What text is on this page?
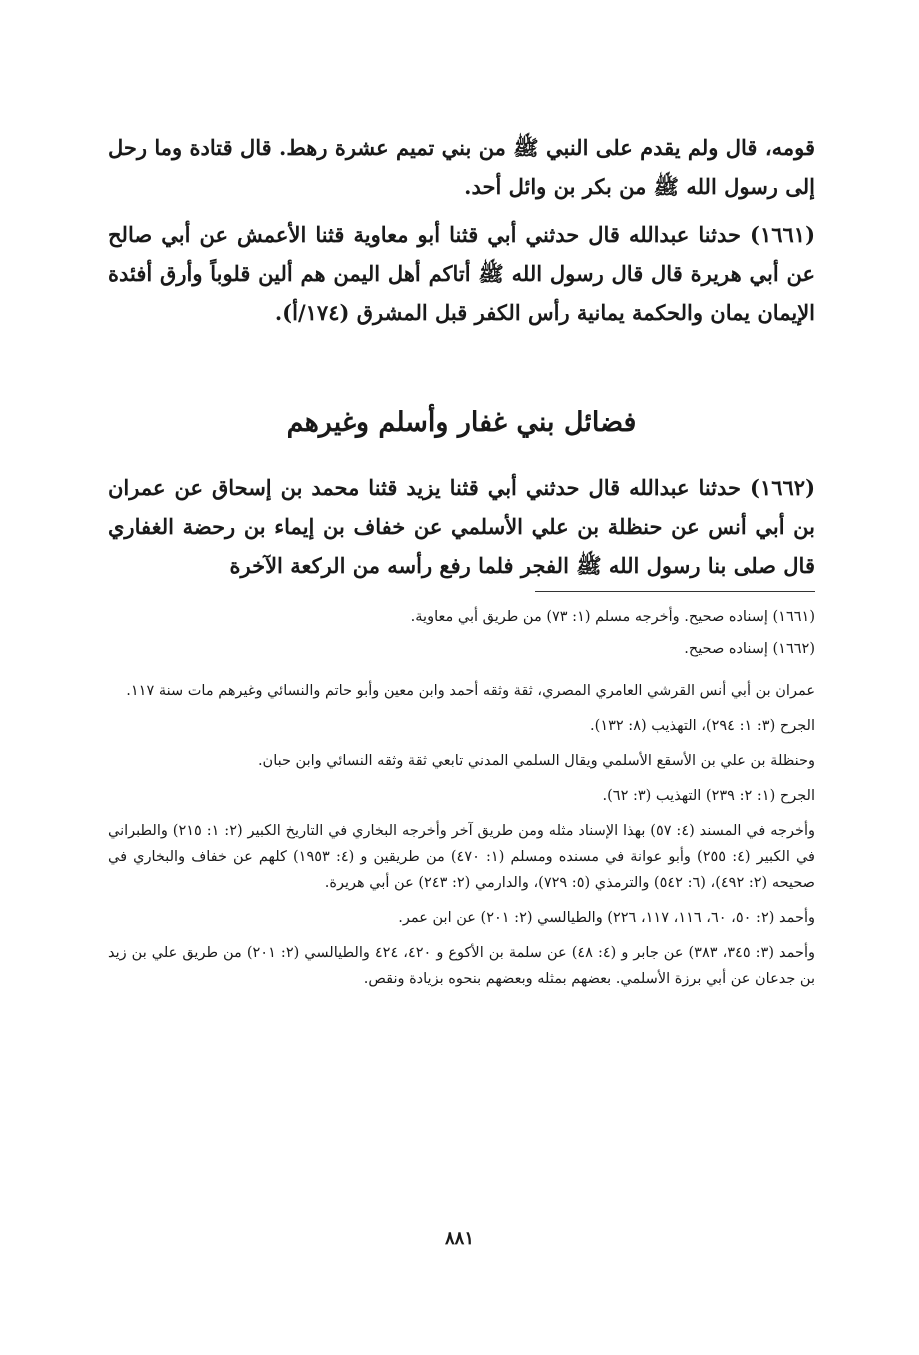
قومه، قال ولم يقدم على النبي ﷺ من بني تميم عشرة رهط. قال قتادة وما رحل إلى رسول الله ﷺ من بكر بن وائل أحد.

(١٦٦١) حدثنا عبدالله قال حدثني أبي قثنا أبو معاوية قثنا الأعمش عن أبي صالح عن أبي هريرة قال قال رسول الله ﷺ أتاكم أهل اليمن هم ألين قلوباً وأرق أفئدة الإيمان يمان والحكمة يمانية رأس الكفر قبل المشرق (١٧٤/أ).

فضائل بني غفار وأسلم وغيرهم

(١٦٦٢) حدثنا عبدالله قال حدثني أبي قثنا يزيد قثنا محمد بن إسحاق عن عمران بن أبي أنس عن حنظلة بن علي الأسلمي عن خفاف بن إيماء بن رحضة الغفاري قال صلى بنا رسول الله ﷺ الفجر فلما رفع رأسه من الركعة الآخرة

(١٦٦١) إسناده صحيح. وأخرجه مسلم (١: ٧٣) من طريق أبي معاوية.

(١٦٦٢) إسناده صحيح.

عمران بن أبي أنس القرشي العامري المصري، ثقة وثقه أحمد وابن معين وأبو حاتم والنسائي وغيرهم مات سنة ١١٧.

الجرح (٣: ١: ٢٩٤)، التهذيب (٨: ١٣٢).

وحنظلة بن علي بن الأسقع الأسلمي ويقال السلمي المدني تابعي ثقة وثقه النسائي وابن حبان.

الجرح (١: ٢: ٢٣٩) التهذيب (٣: ٦٢).

وأخرجه في المسند (٤: ٥٧) بهذا الإسناد مثله ومن طريق آخر وأخرجه البخاري في التاريخ الكبير (٢: ١: ٢١٥) والطبراني في الكبير (٤: ٢٥٥) وأبو عوانة في مسنده ومسلم (١: ٤٧٠) من طريقين و (٤: ١٩٥٣) كلهم عن خفاف والبخاري في صحيحه (٢: ٤٩٢)، (٦: ٥٤٢) والترمذي (٥: ٧٢٩)، والدارمي (٢: ٢٤٣) عن أبي هريرة.

وأحمد (٢: ٥٠، ٦٠، ١١٦، ١١٧، ٢٢٦) والطيالسي (٢: ٢٠١) عن ابن عمر.

وأحمد (٣: ٣٤٥، ٣٨٣) عن جابر و (٤: ٤٨) عن سلمة بن الأكوع و ٤٢٠، ٤٢٤ والطيالسي (٢: ٢٠١) من طريق علي بن زيد بن جدعان عن أبي برزة الأسلمي. بعضهم بمثله وبعضهم بنحوه بزيادة ونقص.

٨٨١
